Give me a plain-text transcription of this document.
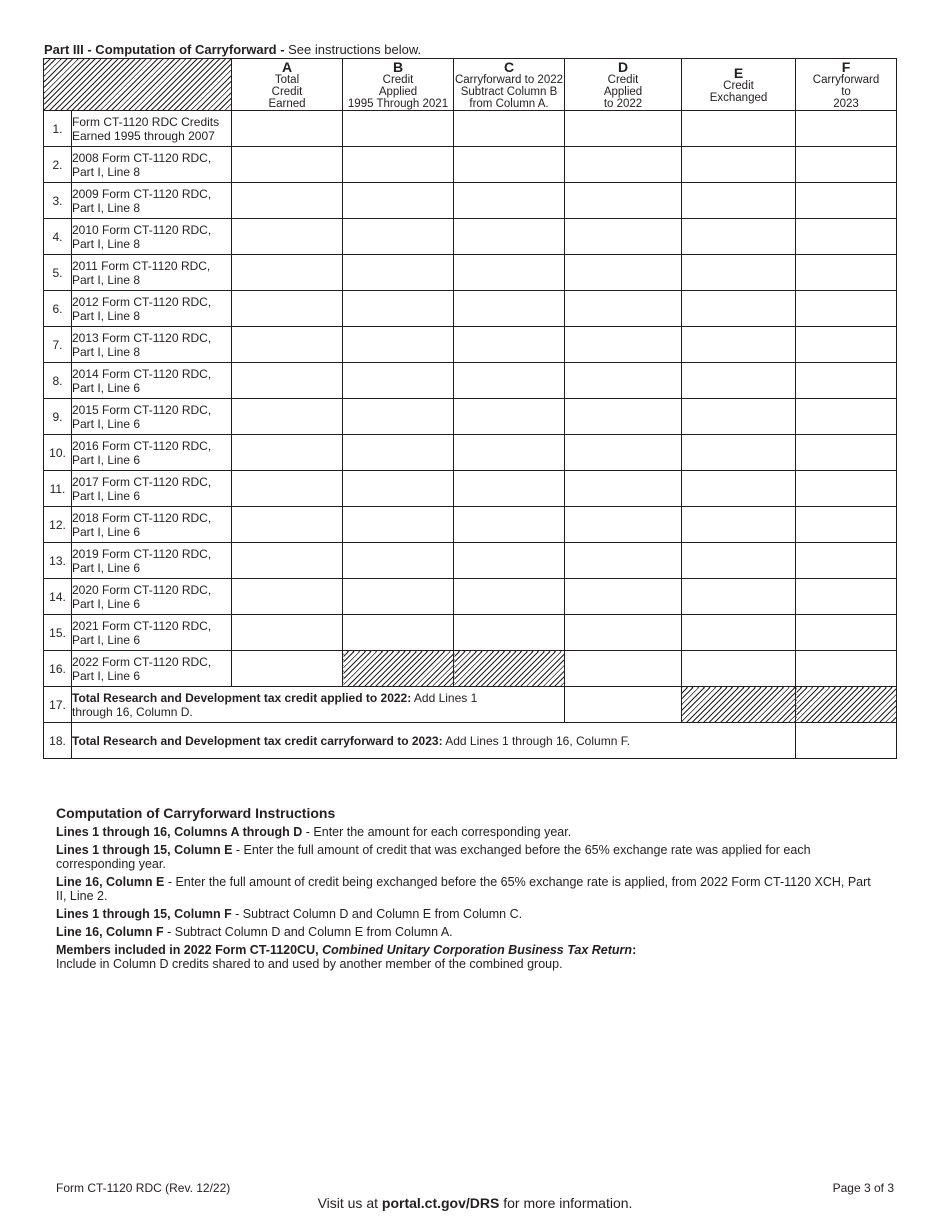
Part III - Computation of Carryforward - See instructions below.

		A
Total
Credit
Earned	B
Credit
Applied
1995 Through 2021	C
Carryforward to 2022
Subtract Column B
from Column A.	D
Credit
Applied
to 2022	E
Credit
Exchanged	F
Carryforward
to
2023

1.	Form CT-1120 RDC Credits
Earned 1995 through 2007						
2.	2008 Form CT-1120 RDC,
Part I, Line 8						
3.	2009 Form CT-1120 RDC,
Part I, Line 8						
4.	2010 Form CT-1120 RDC,
Part I, Line 8						
5.	2011 Form CT-1120 RDC,
Part I, Line 8						
6.	2012 Form CT-1120 RDC,
Part I, Line 8						
7.	2013 Form CT-1120 RDC,
Part I, Line 8						
8.	2014 Form CT-1120 RDC,
Part I, Line 6						
9.	2015 Form CT-1120 RDC,
Part I, Line 6						
10.	2016 Form CT-1120 RDC,
Part I, Line 6						
11.	2017 Form CT-1120 RDC,
Part I, Line 6						
12.	2018 Form CT-1120 RDC,
Part I, Line 6						
13.	2019 Form CT-1120 RDC,
Part I, Line 6						
14.	2020 Form CT-1120 RDC,
Part I, Line 6						
15.	2021 Form CT-1120 RDC,
Part I, Line 6						
16.	2022 Form CT-1120 RDC,
Part I, Line 6						
17.	Total Research and Development tax credit applied to 2022: Add Lines 1
through 16, Column D.						
18.	Total Research and Development tax credit carryforward to 2023: Add Lines 1 through 16, Column F.						
Computation of Carryforward Instructions

Lines 1 through 16, Columns A through D - Enter the amount for each corresponding year.

Lines 1 through 15, Column E - Enter the full amount of credit that was exchanged before the 65% exchange rate was applied for each corresponding year.

Line 16, Column E - Enter the full amount of credit being exchanged before the 65% exchange rate is applied, from 2022 Form CT-1120 XCH, Part II, Line 2.

Lines 1 through 15, Column F - Subtract Column D and Column E from Column C.

Line 16, Column F - Subtract Column D and Column E from Column A.

Members included in 2022 Form CT-1120CU, Combined Unitary Corporation Business Tax Return:
Include in Column D credits shared to and used by another member of the combined group.

Form CT-1120 RDC (Rev. 12/22)	Page 3 of 3
Visit us at portal.ct.gov/DRS for more information.
